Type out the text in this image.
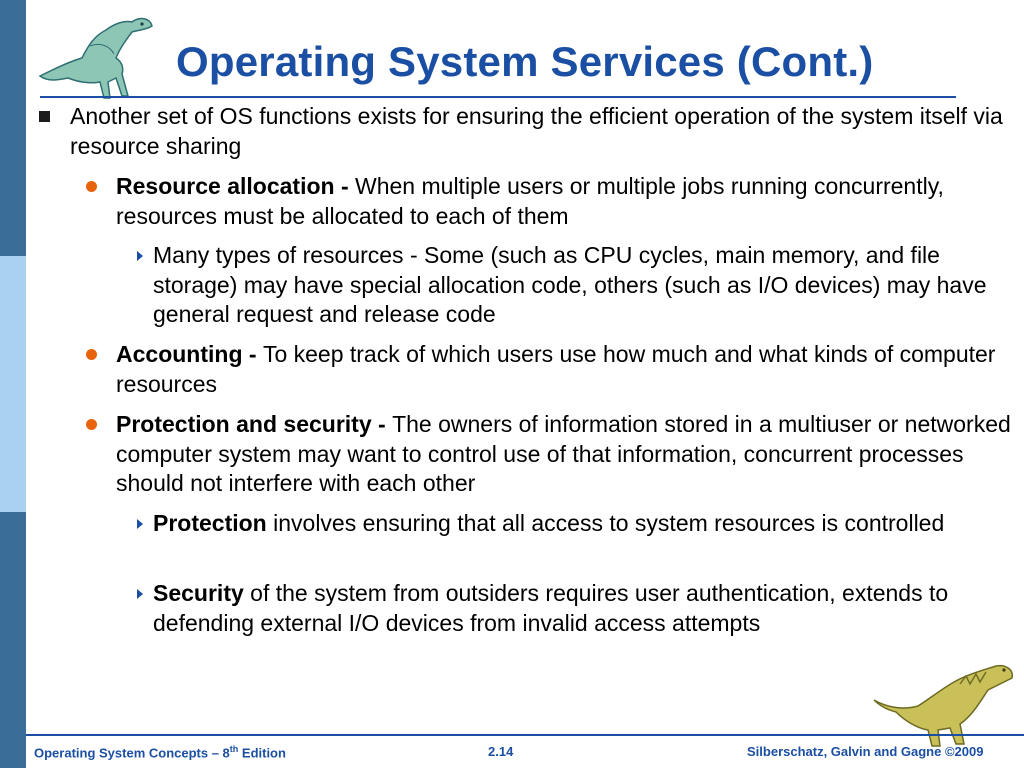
Operating System Services (Cont.)

Another set of OS functions exists for ensuring the efficient operation of the system itself via resource sharing

Resource allocation - When multiple users or multiple jobs running concurrently, resources must be allocated to each of them

Many types of resources - Some (such as CPU cycles, main memory, and file storage) may have special allocation code, others (such as I/O devices) may have general request and release code

Accounting - To keep track of which users use how much and what kinds of computer resources

Protection and security - The owners of information stored in a multiuser or networked computer system may want to control use of that information, concurrent processes should not interfere with each other

Protection involves ensuring that all access to system resources is controlled

Security of the system from outsiders requires user authentication, extends to defending external I/O devices from invalid access attempts

Operating System Concepts – 8th Edition	2.14	Silberschatz, Galvin and Gagne ©2009
